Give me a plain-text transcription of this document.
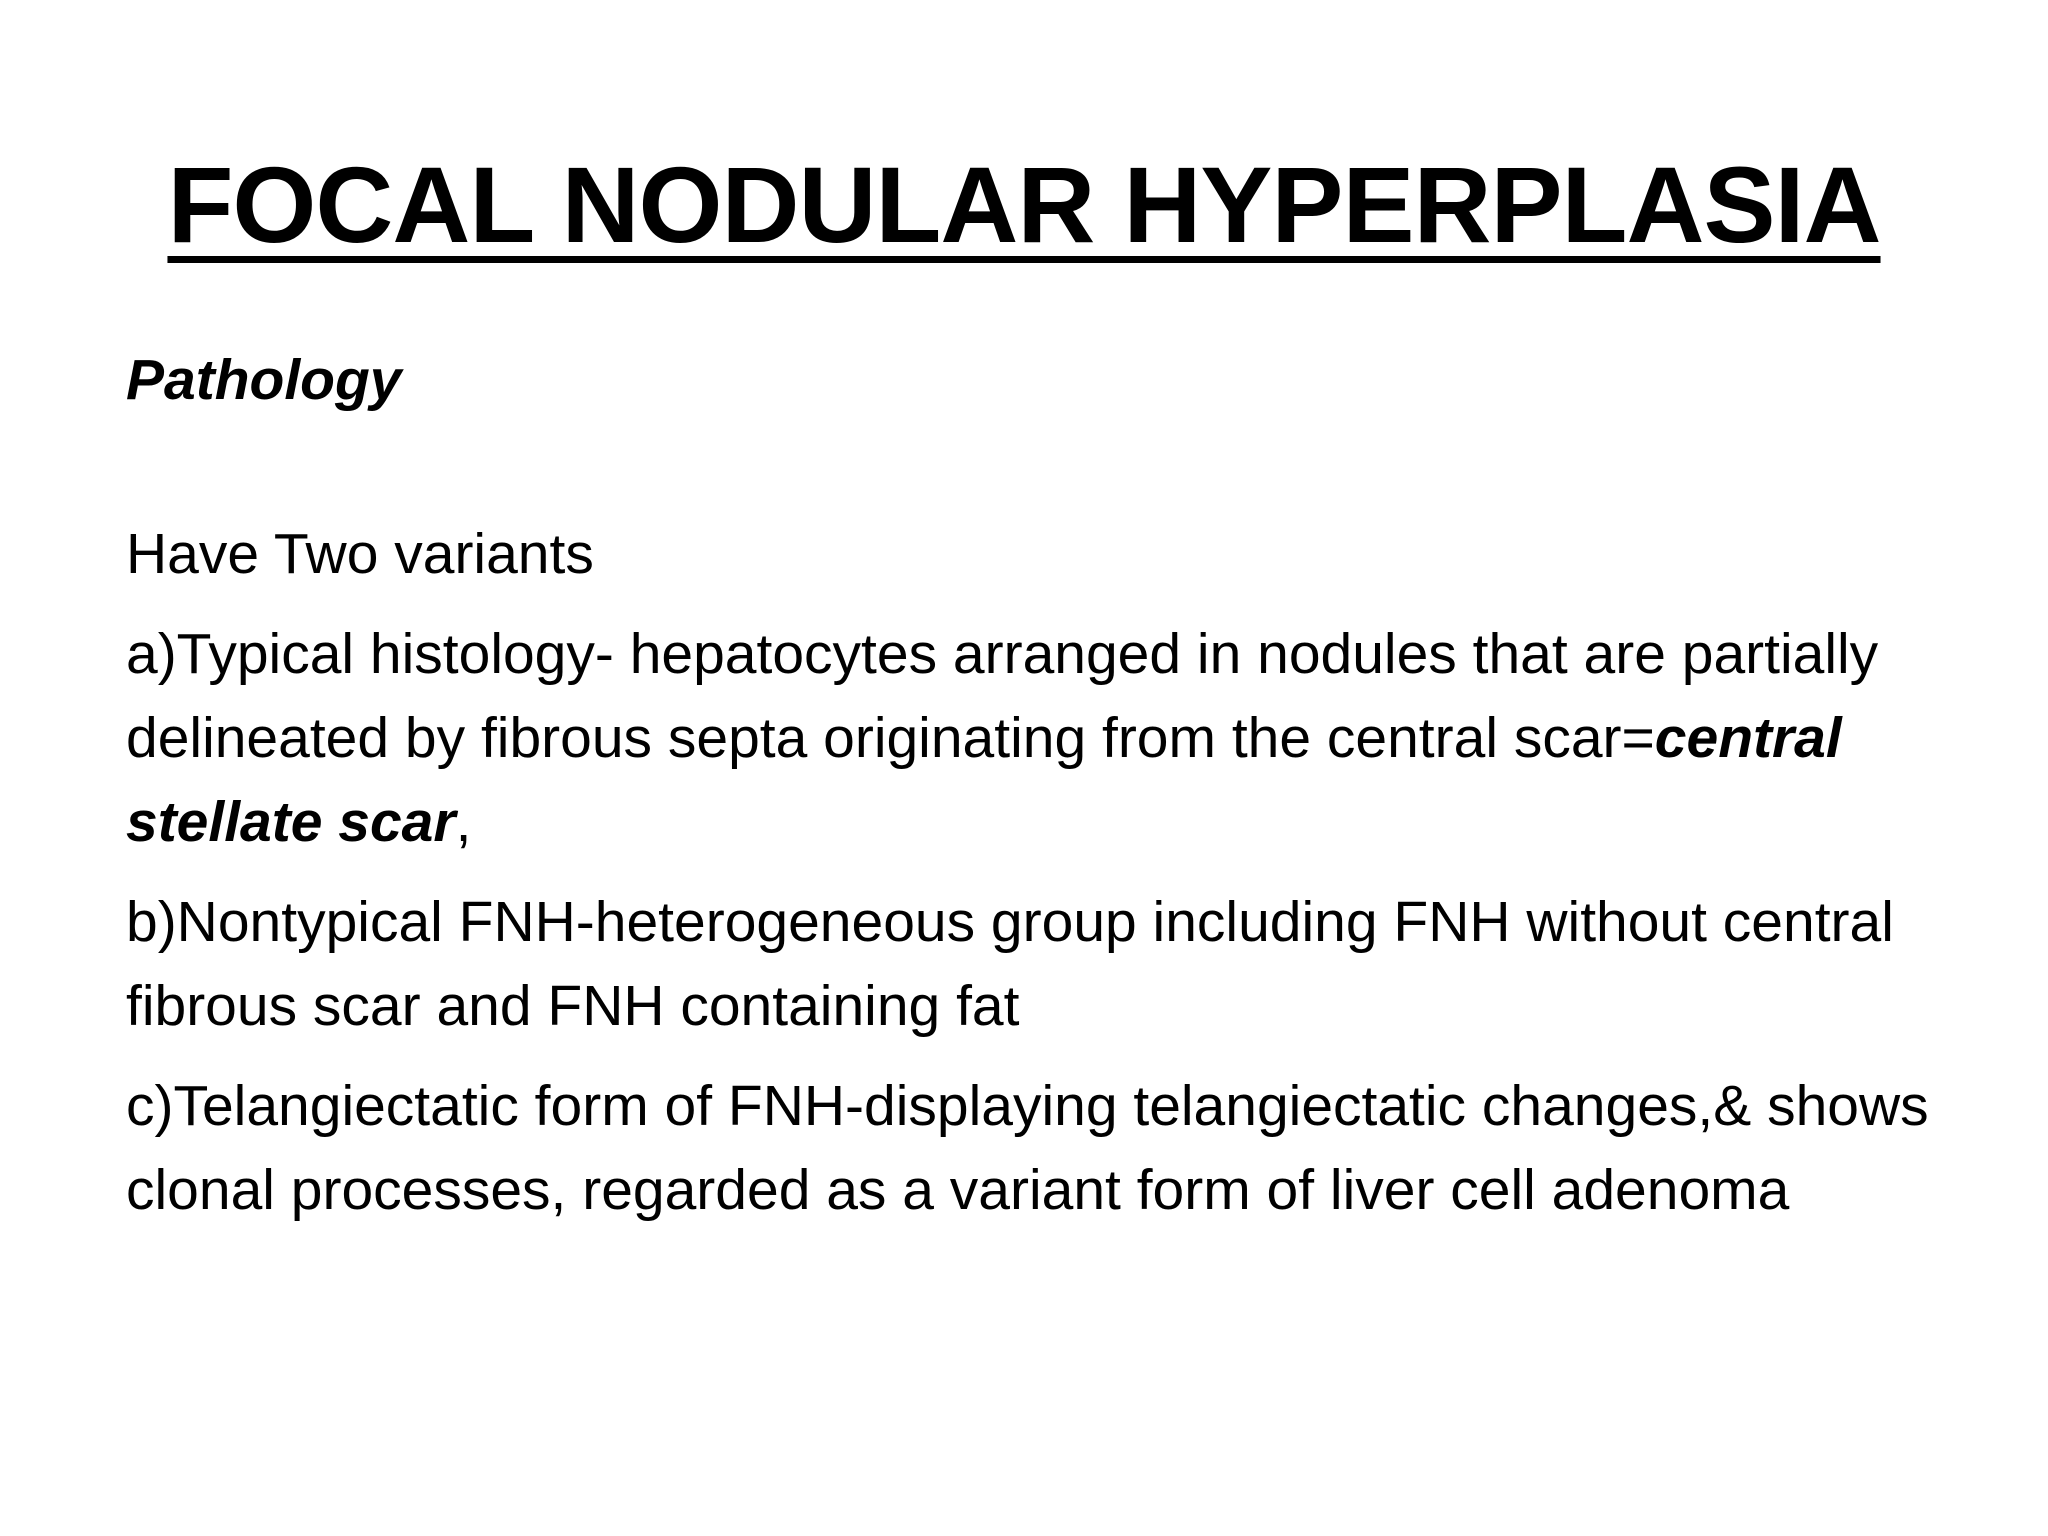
FOCAL NODULAR HYPERPLASIA

Pathology

Have Two variants

a)Typical histology- hepatocytes arranged in nodules that are partially delineated by fibrous septa originating from the central scar=central stellate scar,

b)Nontypical FNH-heterogeneous group including FNH without central fibrous scar and FNH containing fat

c)Telangiectatic form of FNH-displaying telangiectatic changes,& shows clonal processes, regarded as a variant form of liver cell adenoma
